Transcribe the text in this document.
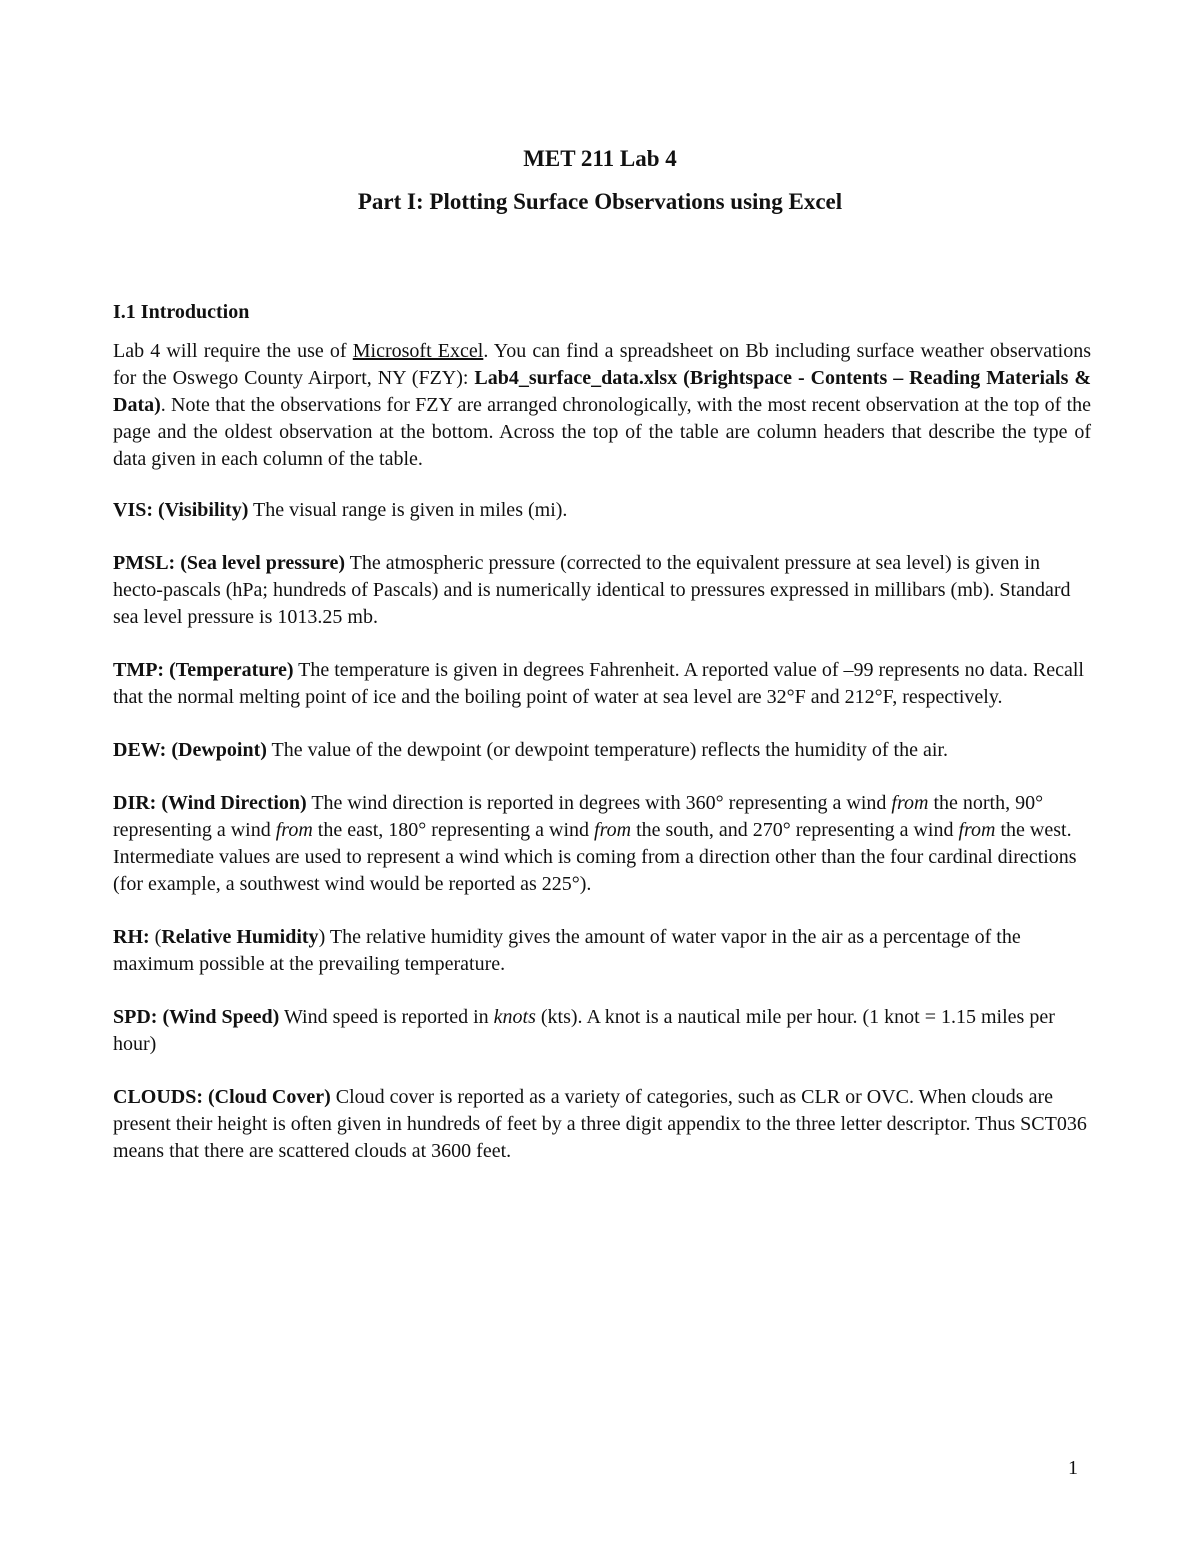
MET 211 Lab 4
Part I: Plotting Surface Observations using Excel
I.1 Introduction

Lab 4 will require the use of Microsoft Excel. You can find a spreadsheet on Bb including surface weather observations for the Oswego County Airport, NY (FZY): Lab4_surface_data.xlsx (Brightspace - Contents – Reading Materials & Data). Note that the observations for FZY are arranged chronologically, with the most recent observation at the top of the page and the oldest observation at the bottom. Across the top of the table are column headers that describe the type of data given in each column of the table.

VIS: (Visibility) The visual range is given in miles (mi).

PMSL: (Sea level pressure) The atmospheric pressure (corrected to the equivalent pressure at sea level) is given in hecto-pascals (hPa; hundreds of Pascals) and is numerically identical to pressures expressed in millibars (mb). Standard sea level pressure is 1013.25 mb.

TMP: (Temperature) The temperature is given in degrees Fahrenheit. A reported value of –99 represents no data. Recall that the normal melting point of ice and the boiling point of water at sea level are 32°F and 212°F, respectively.

DEW: (Dewpoint) The value of the dewpoint (or dewpoint temperature) reflects the humidity of the air.

DIR: (Wind Direction) The wind direction is reported in degrees with 360° representing a wind from the north, 90° representing a wind from the east, 180° representing a wind from the south, and 270° representing a wind from the west. Intermediate values are used to represent a wind which is coming from a direction other than the four cardinal directions (for example, a southwest wind would be reported as 225°).

RH: (Relative Humidity) The relative humidity gives the amount of water vapor in the air as a percentage of the maximum possible at the prevailing temperature.

SPD: (Wind Speed) Wind speed is reported in knots (kts). A knot is a nautical mile per hour. (1 knot = 1.15 miles per hour)

CLOUDS: (Cloud Cover) Cloud cover is reported as a variety of categories, such as CLR or OVC. When clouds are present their height is often given in hundreds of feet by a three digit appendix to the three letter descriptor. Thus SCT036 means that there are scattered clouds at 3600 feet.

1
